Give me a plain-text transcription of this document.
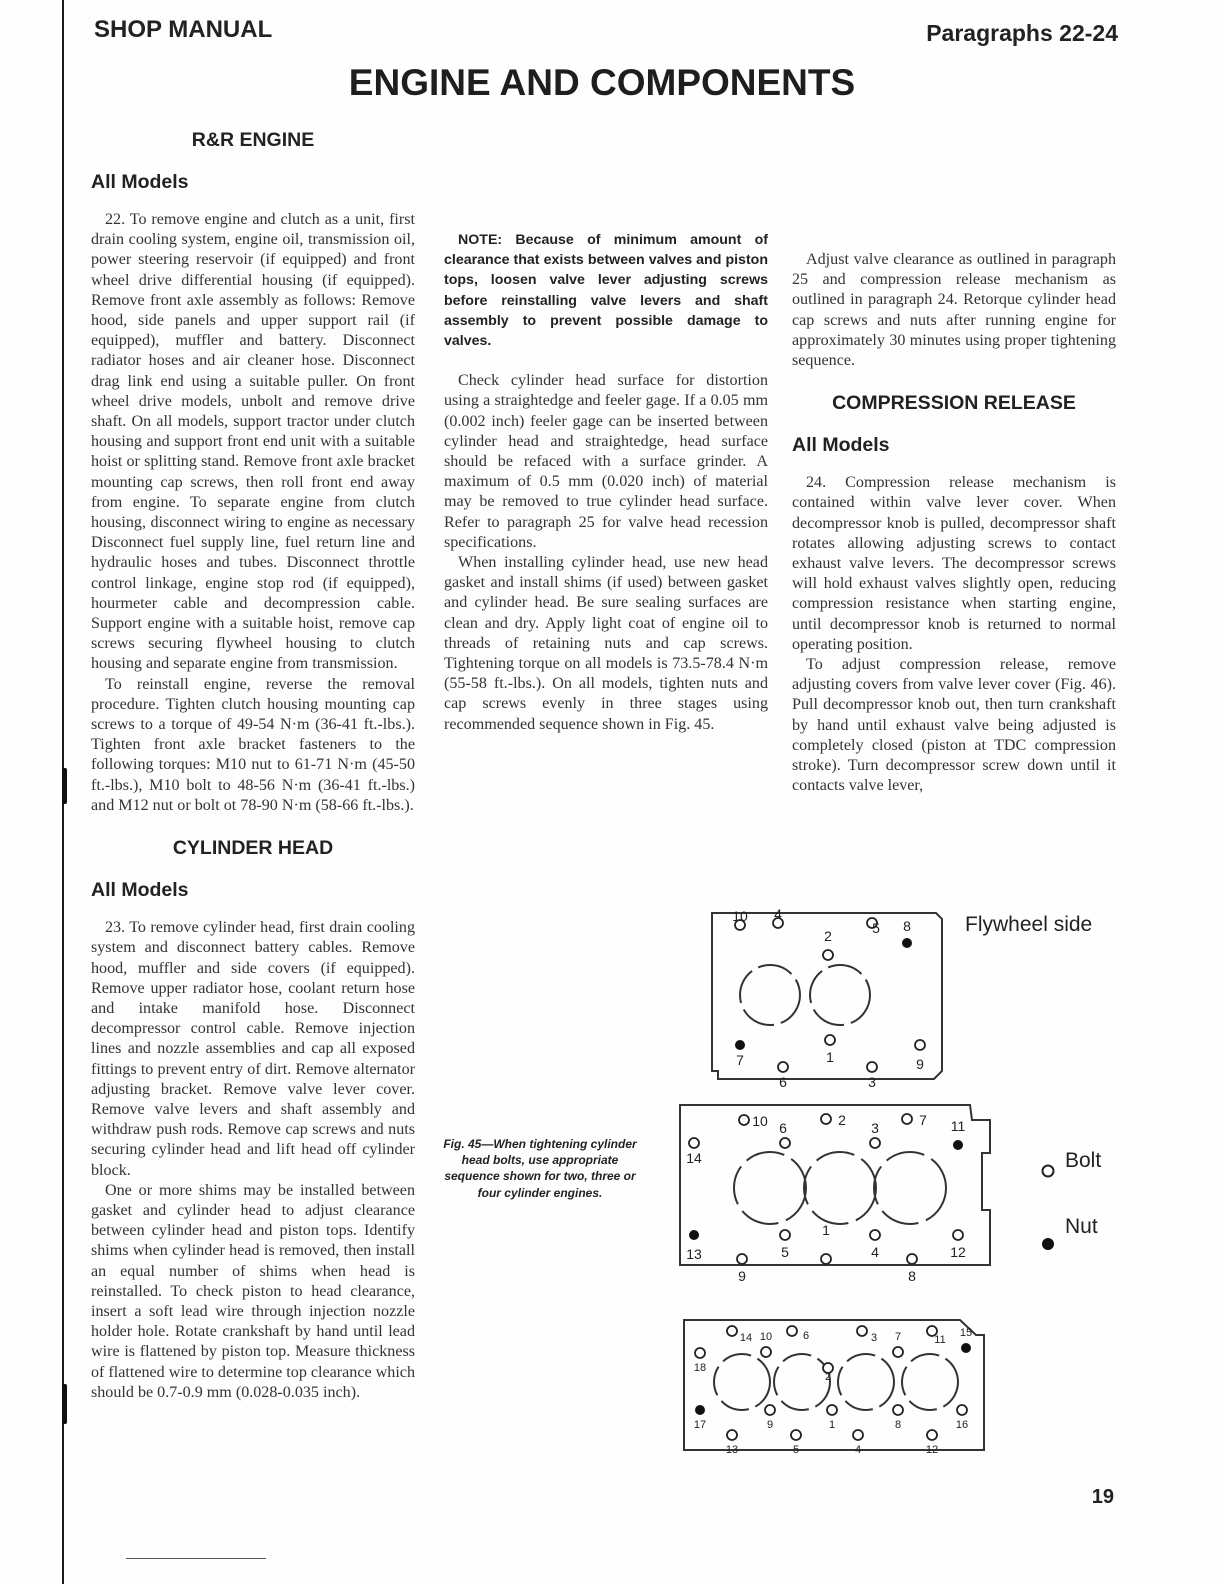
SHOP MANUAL	Paragraphs 22-24
ENGINE AND COMPONENTS
R&R ENGINE
All Models

22. To remove engine and clutch as a unit, first drain cooling system, engine oil, transmission oil, power steering reservoir (if equipped) and front wheel drive differential housing (if equipped). Remove front axle assembly as follows: Remove hood, side panels and upper support rail (if equipped), muffler and battery. Disconnect radiator hoses and air cleaner hose. Disconnect drag link end using a suitable puller. On front wheel drive models, unbolt and remove drive shaft. On all models, support tractor under clutch housing and support front end unit with a suitable hoist or splitting stand. Remove front axle bracket mounting cap screws, then roll front end away from engine. To separate engine from clutch housing, disconnect wiring to engine as necessary Disconnect fuel supply line, fuel return line and hydraulic hoses and tubes. Disconnect throttle control linkage, engine stop rod (if equipped), hourmeter cable and decompression cable. Support engine with a suitable hoist, remove cap screws securing flywheel housing to clutch housing and separate engine from transmission.

To reinstall engine, reverse the removal procedure. Tighten clutch housing mounting cap screws to a torque of 49-54 N·m (36-41 ft.-lbs.). Tighten front axle bracket fasteners to the following torques: M10 nut to 61-71 N·m (45-50 ft.-lbs.), M10 bolt to 48-56 N·m (36-41 ft.-lbs.) and M12 nut or bolt ot 78-90 N·m (58-66 ft.-lbs.).

CYLINDER HEAD
All Models

23. To remove cylinder head, first drain cooling system and disconnect battery cables. Remove hood, muffler and side covers (if equipped). Remove upper radiator hose, coolant return hose and intake manifold hose. Disconnect decompressor control cable. Remove injection lines and nozzle assemblies and cap all exposed fittings to prevent entry of dirt. Remove alternator adjusting bracket. Remove valve lever cover. Remove valve levers and shaft assembly and withdraw push rods. Remove cap screws and nuts securing cylinder head and lift head off cylinder block.

One or more shims may be installed between gasket and cylinder head to adjust clearance between cylinder head and piston tops. Identify shims when cylinder head is removed, then install an equal number of shims when head is reinstalled. To check piston to head clearance, insert a soft lead wire through injection nozzle holder hole. Rotate crankshaft by hand until lead wire is flattened by piston top. Measure thickness of flattened wire to determine top clearance which should be 0.7-0.9 mm (0.028-0.035 inch).

NOTE: Because of minimum amount of clearance that exists between valves and piston tops, loosen valve lever adjusting screws before reinstalling valve levers and shaft assembly to prevent possible damage to valves.

Check cylinder head surface for distortion using a straightedge and feeler gage. If a 0.05 mm (0.002 inch) feeler gage can be inserted between cylinder head and straightedge, head surface should be refaced with a surface grinder. A maximum of 0.5 mm (0.020 inch) of material may be removed to true cylinder head surface. Refer to paragraph 25 for valve head recession specifications.

When installing cylinder head, use new head gasket and install shims (if used) between gasket and cylinder head. Be sure sealing surfaces are clean and dry. Apply light coat of engine oil to threads of retaining nuts and cap screws. Tightening torque on all models is 73.5-78.4 N·m (55-58 ft.-lbs.). On all models, tighten nuts and cap screws evenly in three stages using recommended sequence shown in Fig. 45.

Adjust valve clearance as outlined in paragraph 25 and compression release mechanism as outlined in paragraph 24. Retorque cylinder head cap screws and nuts after running engine for approximately 30 minutes using proper tightening sequence.

COMPRESSION RELEASE
All Models

24. Compression release mechanism is contained within valve lever cover. When decompressor knob is pulled, decompressor shaft rotates allowing adjusting screws to contact exhaust valve levers. The decompressor screws will hold exhaust valves slightly open, reducing compression resistance when starting engine, until decompressor knob is returned to normal operating position.

To adjust compression release, remove adjusting covers from valve lever cover (Fig. 46). Pull decompressor knob out, then turn crankshaft by hand until exhaust valve being adjusted is completely closed (piston at TDC compression stroke). Turn decompressor screw down until it contacts valve lever,

Fig. 45—When tightening cylinder head bolts, use appropriate sequence shown for two, three or four cylinder engines.
10 4
2	5 8
7	1	9
6	3
10 6	2 3	7 11
14
13	5	4	12
9
1
8
14 10	6	3 7	11
15
18
2
17	9	1	8	16
13	5	4	12
Flywheel side
Bolt
Nut
19
